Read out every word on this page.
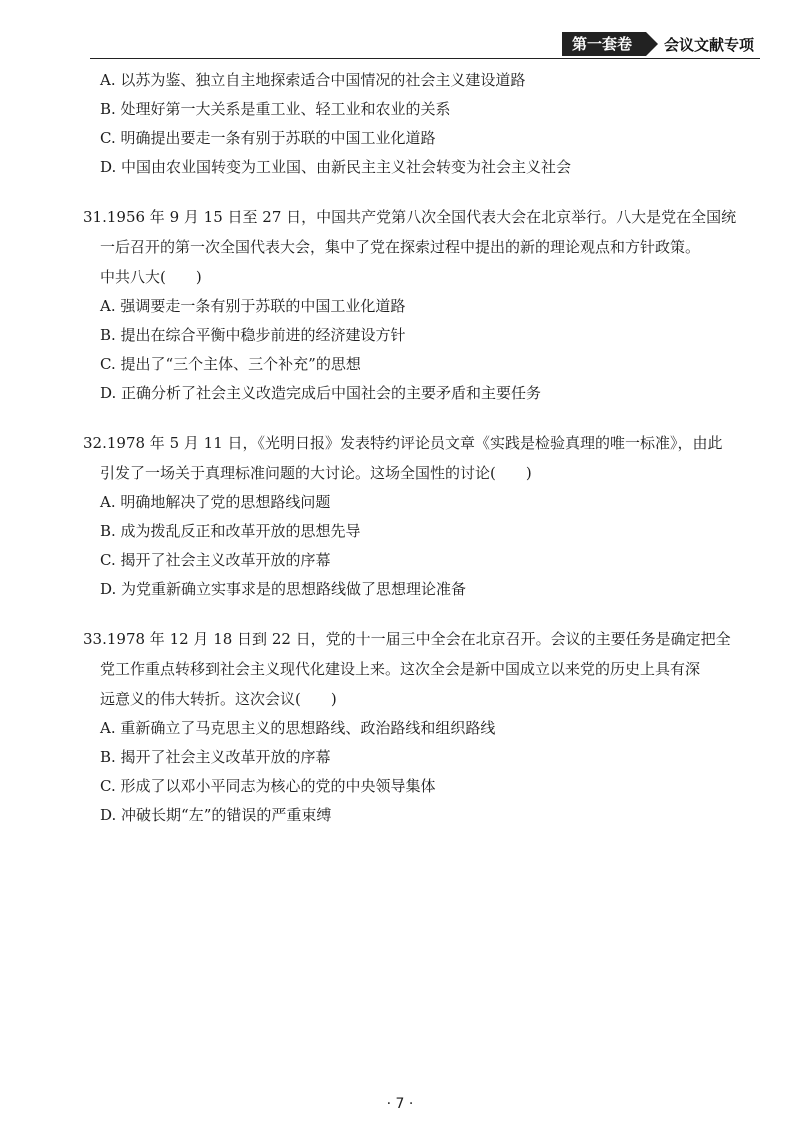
第一套卷	会议文献专项
A. 以苏为鉴、独立自主地探索适合中国情况的社会主义建设道路
B. 处理好第一大关系是重工业、轻工业和农业的关系
C. 明确提出要走一条有别于苏联的中国工业化道路
D. 中国由农业国转变为工业国、由新民主主义社会转变为社会主义社会
31.1956 年 9 月 15 日至 27 日，中国共产党第八次全国代表大会在北京举行。八大是党在全国统
一后召开的第一次全国代表大会，集中了党在探索过程中提出的新的理论观点和方针政策。
中共八大(　　)
A. 强调要走一条有别于苏联的中国工业化道路
B. 提出在综合平衡中稳步前进的经济建设方针
C. 提出了“三个主体、三个补充”的思想
D. 正确分析了社会主义改造完成后中国社会的主要矛盾和主要任务
32.1978 年 5 月 11 日，《光明日报》发表特约评论员文章《实践是检验真理的唯一标准》，由此
引发了一场关于真理标准问题的大讨论。这场全国性的讨论(　　)
A. 明确地解决了党的思想路线问题
B. 成为拨乱反正和改革开放的思想先导
C. 揭开了社会主义改革开放的序幕
D. 为党重新确立实事求是的思想路线做了思想理论准备
33.1978 年 12 月 18 日到 22 日，党的十一届三中全会在北京召开。会议的主要任务是确定把全
党工作重点转移到社会主义现代化建设上来。这次全会是新中国成立以来党的历史上具有深
远意义的伟大转折。这次会议(　　)
A. 重新确立了马克思主义的思想路线、政治路线和组织路线
B. 揭开了社会主义改革开放的序幕
C. 形成了以邓小平同志为核心的党的中央领导集体
D. 冲破长期“左”的错误的严重束缚
· 7 ·
